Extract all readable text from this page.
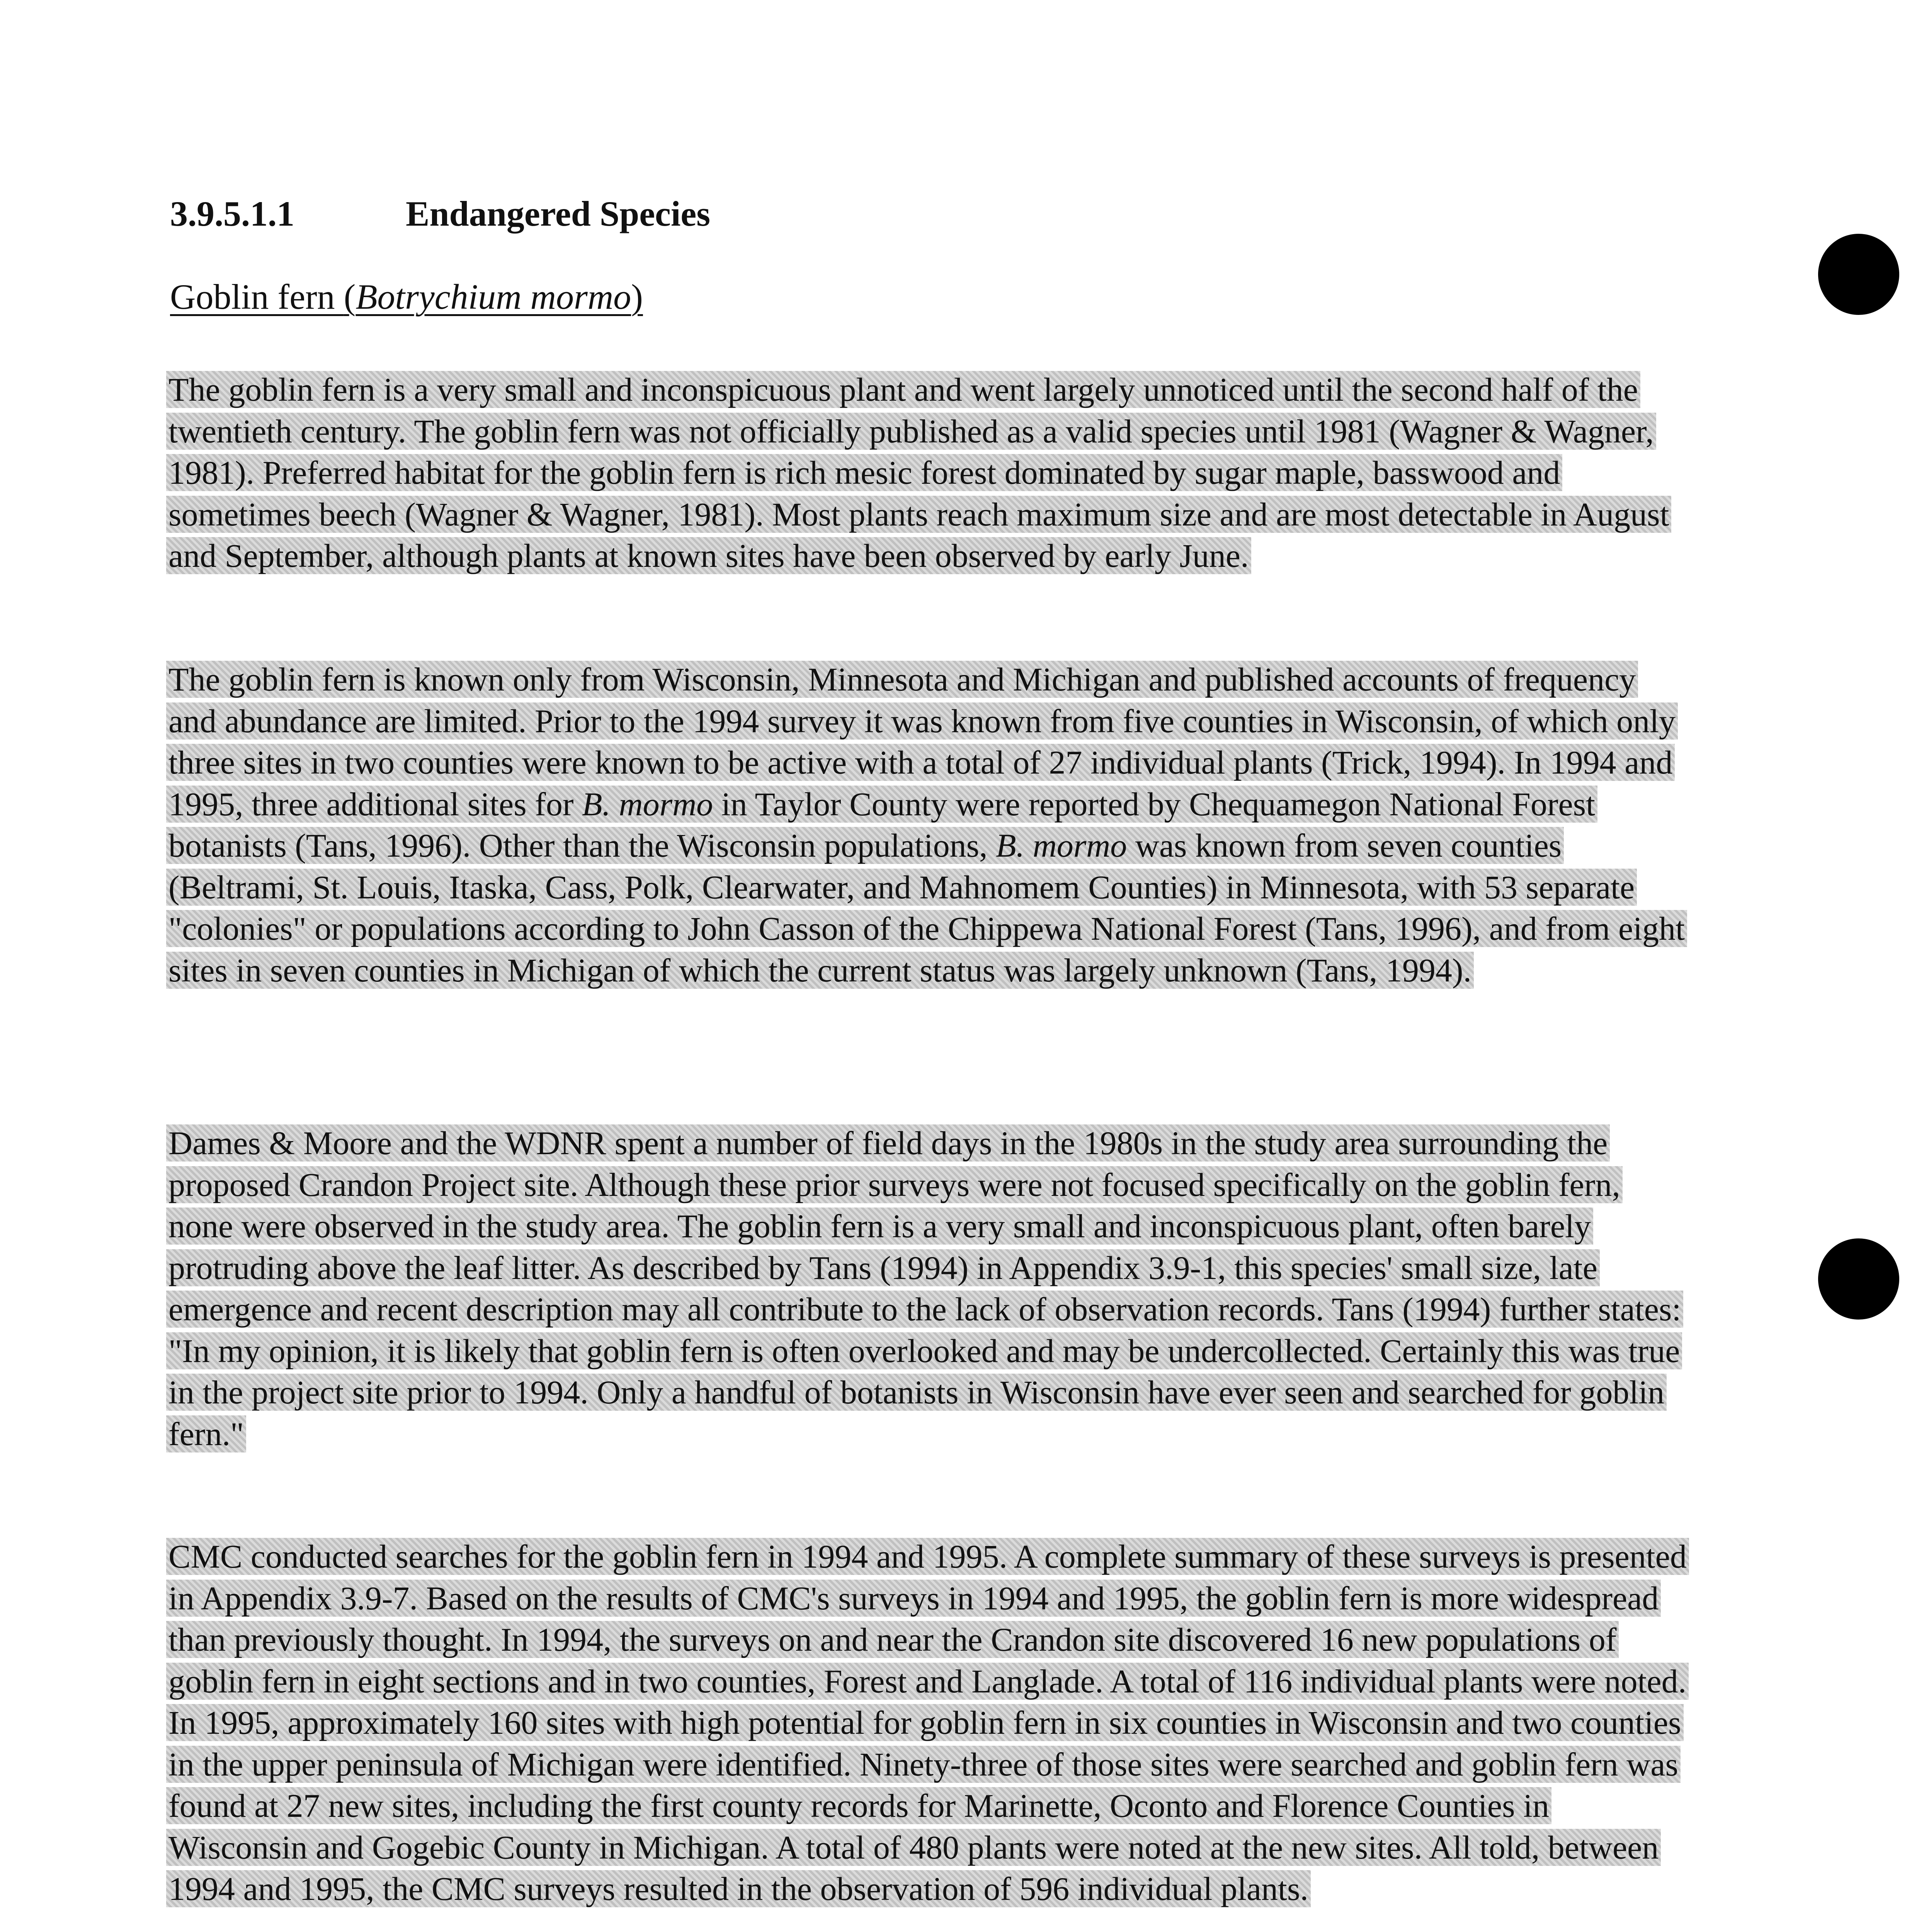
3.9.5.1.1	Endangered Species
Goblin fern (Botrychium mormo)

The goblin fern is a very small and inconspicuous plant and went largely unnoticed until the second half of the twentieth century. The goblin fern was not officially published as a valid species until 1981 (Wagner & Wagner, 1981). Preferred habitat for the goblin fern is rich mesic forest dominated by sugar maple, basswood and sometimes beech (Wagner & Wagner, 1981). Most plants reach maximum size and are most detectable in August and September, although plants at known sites have been observed by early June.

The goblin fern is known only from Wisconsin, Minnesota and Michigan and published accounts of frequency and abundance are limited. Prior to the 1994 survey it was known from five counties in Wisconsin, of which only three sites in two counties were known to be active with a total of 27 individual plants (Trick, 1994). In 1994 and 1995, three additional sites for B. mormo in Taylor County were reported by Chequamegon National Forest botanists (Tans, 1996). Other than the Wisconsin populations, B. mormo was known from seven counties (Beltrami, St. Louis, Itaska, Cass, Polk, Clearwater, and Mahnomem Counties) in Minnesota, with 53 separate "colonies" or populations according to John Casson of the Chippewa National Forest (Tans, 1996), and from eight sites in seven counties in Michigan of which the current status was largely unknown (Tans, 1994).

Dames & Moore and the WDNR spent a number of field days in the 1980s in the study area surrounding the proposed Crandon Project site. Although these prior surveys were not focused specifically on the goblin fern, none were observed in the study area. The goblin fern is a very small and inconspicuous plant, often barely protruding above the leaf litter. As described by Tans (1994) in Appendix 3.9-1, this species' small size, late emergence and recent description may all contribute to the lack of observation records. Tans (1994) further states: "In my opinion, it is likely that goblin fern is often overlooked and may be undercollected. Certainly this was true in the project site prior to 1994. Only a handful of botanists in Wisconsin have ever seen and searched for goblin fern."

CMC conducted searches for the goblin fern in 1994 and 1995. A complete summary of these surveys is presented in Appendix 3.9-7. Based on the results of CMC's surveys in 1994 and 1995, the goblin fern is more widespread than previously thought. In 1994, the surveys on and near the Crandon site discovered 16 new populations of goblin fern in eight sections and in two counties, Forest and Langlade. A total of 116 individual plants were noted. In 1995, approximately 160 sites with high potential for goblin fern in six counties in Wisconsin and two counties in the upper peninsula of Michigan were identified. Ninety-three of those sites were searched and goblin fern was found at 27 new sites, including the first county records for Marinette, Oconto and Florence Counties in Wisconsin and Gogebic County in Michigan. A total of 480 plants were noted at the new sites. All told, between 1994 and 1995, the CMC surveys resulted in the observation of 596 individual plants.
